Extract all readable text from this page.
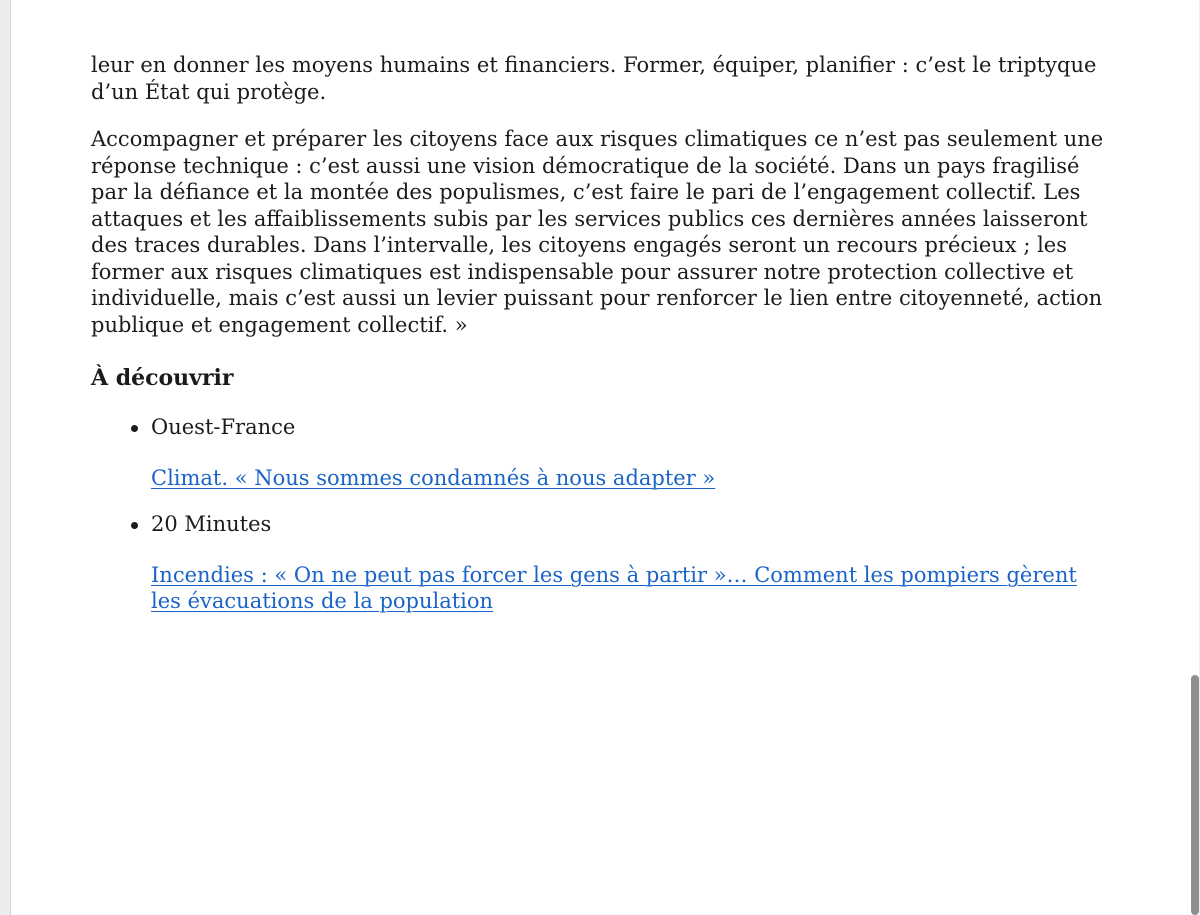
leur en donner les moyens humains et financiers. Former, équiper, planifier : c’est le triptyque d’un État qui protège.

Accompagner et préparer les citoyens face aux risques climatiques ce n’est pas seulement une réponse technique : c’est aussi une vision démocratique de la société. Dans un pays fragilisé par la défiance et la montée des populismes, c’est faire le pari de l’engagement collectif. Les attaques et les affaiblissements subis par les services publics ces dernières années laisseront des traces durables. Dans l’intervalle, les citoyens engagés seront un recours précieux ; les former aux risques climatiques est indispensable pour assurer notre protection collective et individuelle, mais c’est aussi un levier puissant pour renforcer le lien entre citoyenneté, action publique et engagement collectif. »

À découvrir

Ouest-France

Climat. « Nous sommes condamnés à nous adapter »

20 Minutes

Incendies : « On ne peut pas forcer les gens à partir »… Comment les pompiers gèrent les évacuations de la population
